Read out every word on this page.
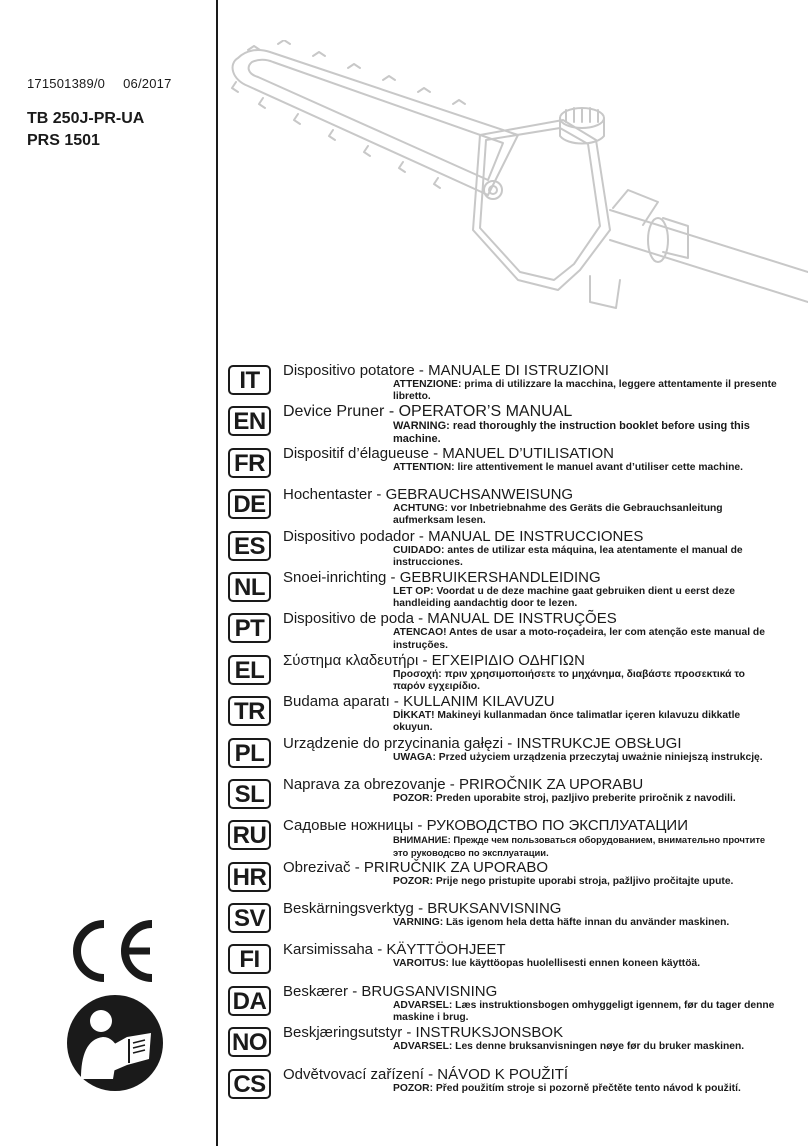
171501389/0 06/2017
TB 250J-PR-UA
PRS 1501
IT	Dispositivo potatore - MANUALE DI ISTRUZIONI
ATTENZIONE: prima di utilizzare la macchina, leggere attentamente il presente libretto.
EN Device Pruner - OPERATOR’S MANUAL
WARNING: read thoroughly the instruction booklet before using this machine.
FR Dispositif d’élagueuse - MANUEL D’UTILISATION
ATTENTION: lire attentivement le manuel avant d’utiliser cette machine.
DE Hochentaster - GEBRAUCHSANWEISUNG
ACHTUNG: vor Inbetriebnahme des Geräts die Gebrauchsanleitung aufmerksam lesen.
ES Dispositivo podador - MANUAL DE INSTRUCCIONES
CUIDADO: antes de utilizar esta máquina, lea atentamente el manual de instrucciones.
NL Snoei-inrichting - GEBRUIKERSHANDLEIDING
LET OP: Voordat u de deze machine gaat gebruiken dient u eerst deze handleiding aandachtig door te lezen.
PT	Dispositivo de poda - MANUAL DE INSTRUÇÕES
ATENCAO! Antes de usar a moto-roçadeira, ler com atenção este manual de instruções.
EL	Σύστημα κλαδευτήρι - ΕΓΧΕΙΡΙΔΙΟ ΟΔΗΓΙΩΝ
Προσοχή: πριν χρησιμοποιήσετε το μηχάνημα, διαβάστε προσεκτικά το παρόν εγχειρίδιο.
TR Budama aparatı - KULLANIM KILAVUZU
DİKKAT! Makineyi kullanmadan önce talimatlar içeren kılavuzu dikkatle okuyun.
PL	Urządzenie do przycinania gałęzi - INSTRUKCJE OBSŁUGI
UWAGA: Przed użyciem urządzenia przeczytaj uważnie niniejszą instrukcję.
SL	Naprava za obrezovanje - PRIROČNIK ZA UPORABU
POZOR: Preden uporabite stroj, pazljivo preberite priročnik z navodili.
RU Садовые ножницы - РУКОВОДСТВО ПО ЭКСПЛУАТАЦИИ
ВНИМАНИЕ: Прежде чем пользоваться оборудованием, внимательно прочтите это руководсво по эксплуатации.
HR Obrezivač - PRIRUČNIK ZA UPORABO
POZOR: Prije nego pristupite uporabi stroja, pažljivo pročitajte upute.
SV Beskärningsverktyg - BRUKSANVISNING
VARNING: Läs igenom hela detta häfte innan du använder maskinen.
FI	Karsimissaha - KÄYTTÖOHJEET
VAROITUS: lue käyttöopas huolellisesti ennen koneen käyttöä.
DA Beskærer - BRUGSANVISNING
ADVARSEL: Læs instruktionsbogen omhyggeligt igennem, før du tager denne maskine i brug.
NO Beskjæringsutstyr - INSTRUKSJONSBOK
ADVARSEL: Les denne bruksanvisningen nøye før du bruker maskinen.
CS Odvětvovací zařízení - NÁVOD K POUŽITÍ
POZOR: Před použitím stroje si pozorně přečtěte tento návod k použití.
